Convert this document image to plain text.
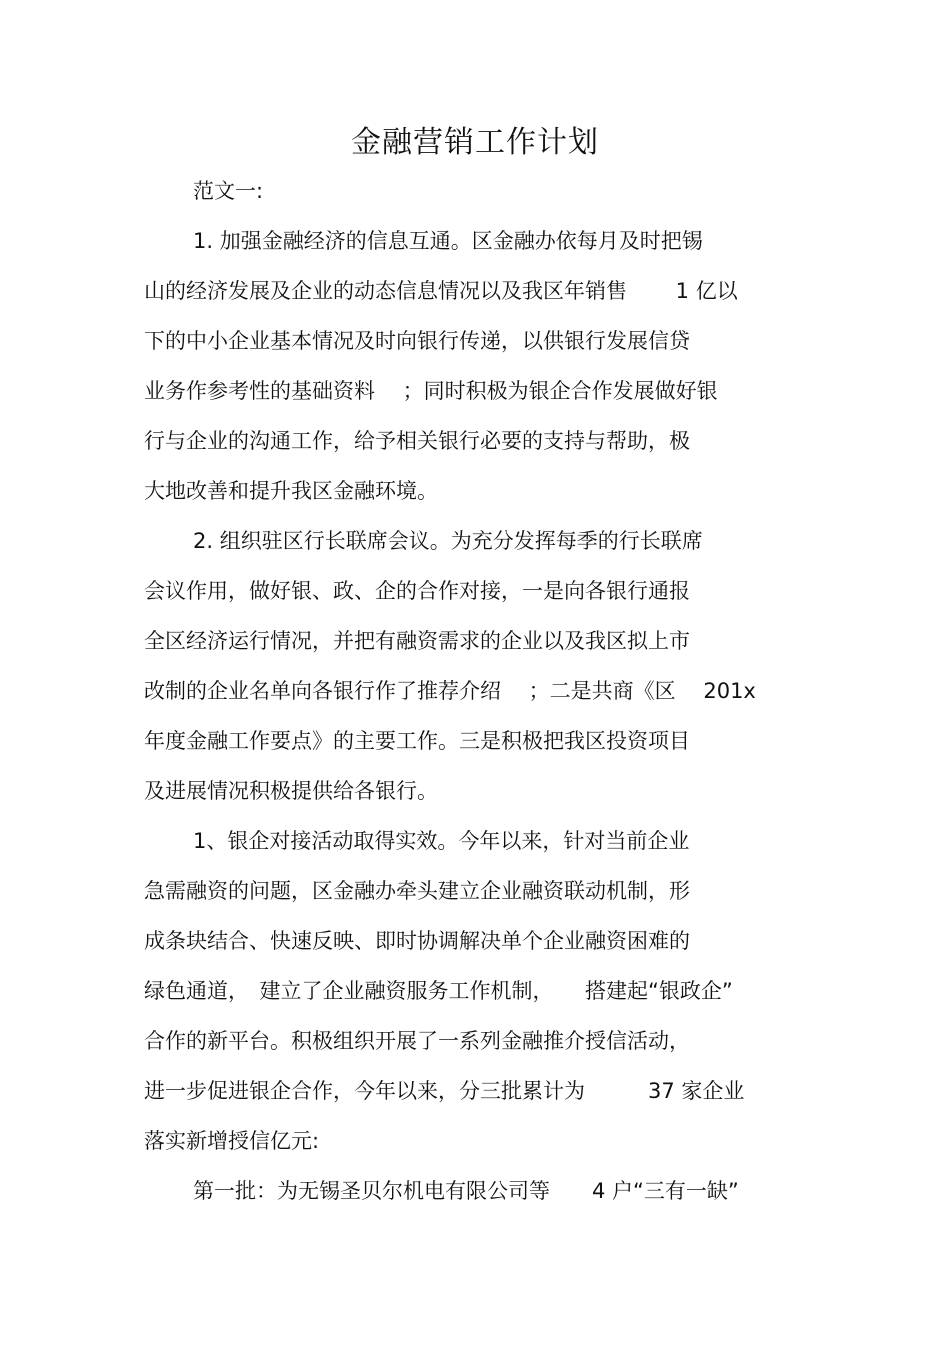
金融营销工作计划
范文一:
1. 加强金融经济的信息互通。区金融办依每月及时把锡
山的经济发展及企业的动态信息情况以及我区年销售　　 1 亿以
下的中小企业基本情况及时向银行传递，以供银行发展信贷
业务作参考性的基础资料　 ；同时积极为银企合作发展做好银
行与企业的沟通工作，给予相关银行必要的支持与帮助，极
大地改善和提升我区金融环境。
2. 组织驻区行长联席会议。为充分发挥每季的行长联席
会议作用，做好银、政、企的合作对接，一是向各银行通报
全区经济运行情况，并把有融资需求的企业以及我区拟上市
改制的企业名单向各银行作了推荐介绍　 ；二是共商《区　 201x
年度金融工作要点》的主要工作。三是积极把我区投资项目
及进展情况积极提供给各银行。
1、银企对接活动取得实效。今年以来，针对当前企业
急需融资的问题，区金融办牵头建立企业融资联动机制，形
成条块结合、快速反映、即时协调解决单个企业融资困难的
绿色通道，　建立了企业融资服务工作机制，　　搭建起“银政企”
合作的新平台。积极组织开展了一系列金融推介授信活动，
进一步促进银企合作，今年以来，分三批累计为　　　37 家企业
落实新增授信亿元:
第一批：为无锡圣贝尔机电有限公司等　　4 户“三有一缺”
